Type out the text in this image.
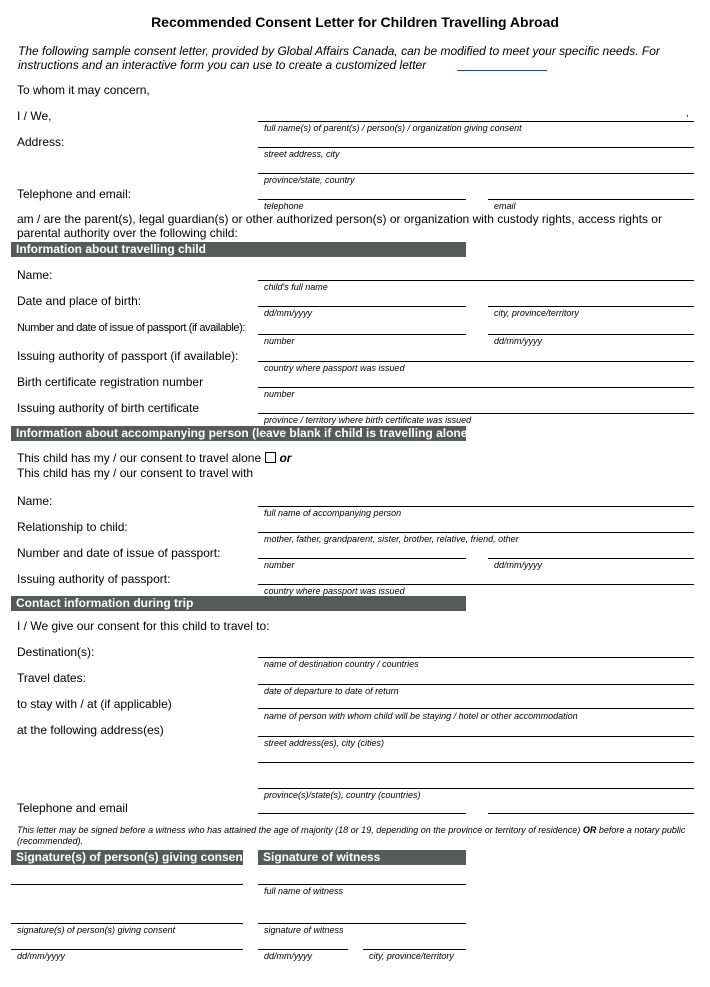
Recommended Consent Letter for Children Travelling Abroad
The following sample consent letter, provided by Global Affairs Canada, can be modified to meet your specific needs. For instructions and an interactive form you can use to create a customized letter
To whom it may concern,
I / We,	,
full name(s) of parent(s) / person(s) / organization giving consent
Address:
street address, city
province/state, country
Telephone and email:
telephone	email
am / are the parent(s), legal guardian(s) or other authorized person(s) or organization with custody rights, access rights or parental authority over the following child:
Information about travelling child
Name:
child's full name
Date and place of birth:
dd/mm/yyyy	city, province/territory
Number and date of issue of passport (if available):
number	dd/mm/yyyy
Issuing authority of passport (if available):
country where passport was issued
Birth certificate registration number
number
Issuing authority of birth certificate
province / territory where birth certificate was issued
Information about accompanying person (leave blank if child is travelling alone)
This child has my / our consent to travel alone or
This child has my / our consent to travel with
Name:
full name of accompanying person
Relationship to child:
mother, father, grandparent, sister, brother, relative, friend, other
Number and date of issue of passport:
number	dd/mm/yyyy
Issuing authority of passport:
country where passport was issued
Contact information during trip
I / We give our consent for this child to travel to:
Destination(s):
name of destination country / countries
Travel dates:
date of departure to date of return
to stay with / at (if applicable)
name of person with whom child will be staying / hotel or other accommodation
at the following address(es)
street address(es), city (cities)
province(s)/state(s), country (countries)
Telephone and email
This letter may be signed before a witness who has attained the age of majority (18 or 19, depending on the province or territory of residence) OR before a notary public (recommended).
Signature(s) of person(s) giving consent	Signature of witness
full name of witness
signature(s) of person(s) giving consent	signature of witness
dd/mm/yyyy	dd/mm/yyyy	city, province/territory
